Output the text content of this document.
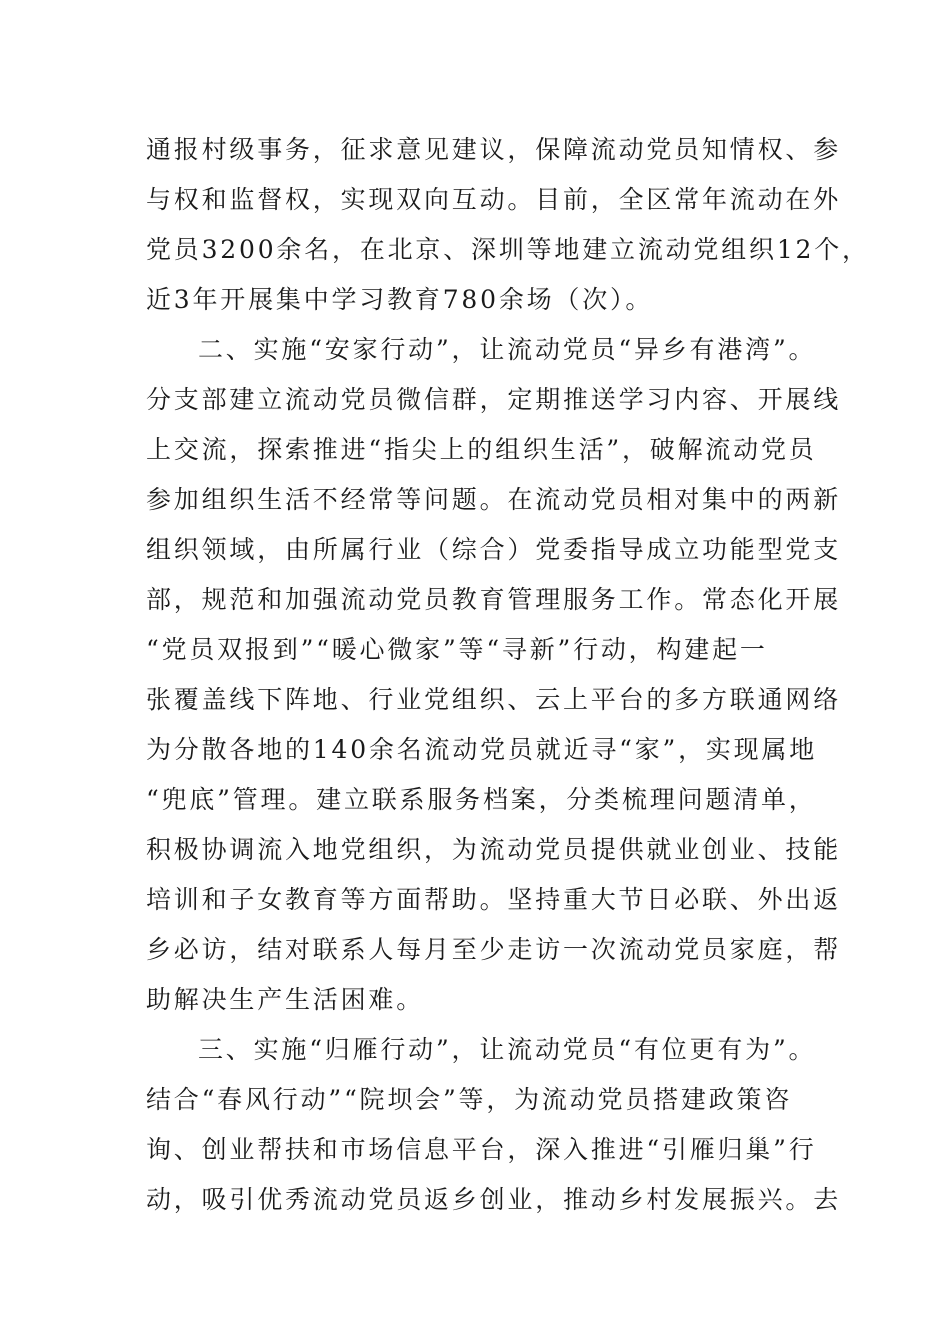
通报村级事务，征求意见建议，保障流动党员知情权、参
与权和监督权，实现双向互动。目前，全区常年流动在外
党员3200余名，在北京、深圳等地建立流动党组织12个，
近3年开展集中学习教育780余场（次）。
二、实施“安家行动”，让流动党员“异乡有港湾”。
分支部建立流动党员微信群，定期推送学习内容、开展线
上交流，探索推进“指尖上的组织生活”，破解流动党员
参加组织生活不经常等问题。在流动党员相对集中的两新
组织领域，由所属行业（综合）党委指导成立功能型党支
部，规范和加强流动党员教育管理服务工作。常态化开展
“党员双报到”“暖心微家”等“寻新”行动，构建起一
张覆盖线下阵地、行业党组织、云上平台的多方联通网络
为分散各地的140余名流动党员就近寻“家”，实现属地
“兜底”管理。建立联系服务档案，分类梳理问题清单，
积极协调流入地党组织，为流动党员提供就业创业、技能
培训和子女教育等方面帮助。坚持重大节日必联、外出返
乡必访，结对联系人每月至少走访一次流动党员家庭，帮
助解决生产生活困难。
三、实施“归雁行动”，让流动党员“有位更有为”。
结合“春风行动”“院坝会”等，为流动党员搭建政策咨
询、创业帮扶和市场信息平台，深入推进“引雁归巢”行
动，吸引优秀流动党员返乡创业，推动乡村发展振兴。去
